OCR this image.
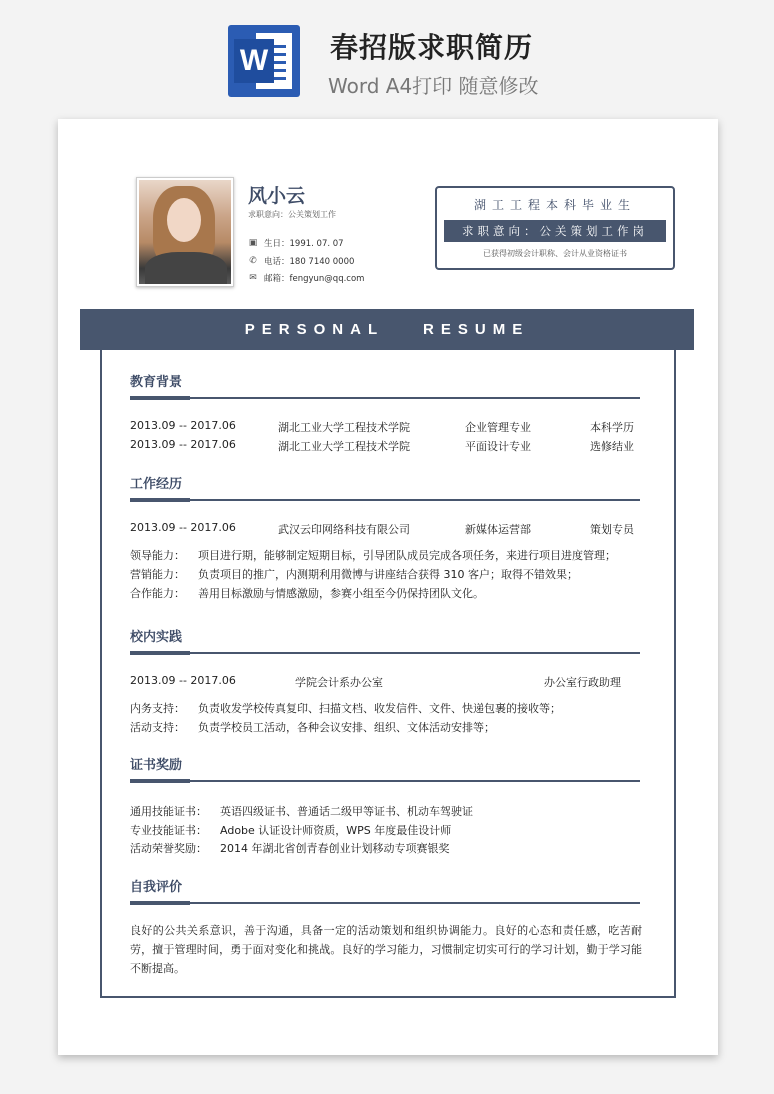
W 春招版求职简历
Word A4打印 随意修改
风小云
求职意向：公关策划工作
▣ 生日：1991. 07. 07
✆ 电话：180 7140 0000
✉ 邮箱：fengyun@qq.com
湖工工程本科毕业生
求职意向：公关策划工作岗
已获得初级会计职称、会计从业资格证书
PERSONAL RESUME
教育背景
2013.09 -- 2017.06	湖北工业大学工程技术学院	企业管理专业	本科学历
2013.09 -- 2017.06	湖北工业大学工程技术学院	平面设计专业	选修结业
工作经历
2013.09 -- 2017.06	武汉云印网络科技有限公司	新媒体运营部	策划专员
领导能力： 项目进行期，能够制定短期目标，引导团队成员完成各项任务，来进行项目进度管理；
营销能力： 负责项目的推广，内测期利用微博与讲座结合获得 310 客户；取得不错效果；
合作能力： 善用目标激励与情感激励，参赛小组至今仍保持团队文化。
校内实践
2013.09 -- 2017.06	学院会计系办公室	办公室行政助理
内务支持： 负责收发学校传真复印、扫描文档、收发信件、文件、快递包裹的接收等；
活动支持： 负责学校员工活动，各种会议安排、组织、文体活动安排等；
证书奖励
通用技能证书： 英语四级证书、普通话二级甲等证书、机动车驾驶证
专业技能证书： Adobe 认证设计师资质，WPS 年度最佳设计师
活动荣誉奖励： 2014 年湖北省创青春创业计划移动专项赛银奖
自我评价
良好的公共关系意识，善于沟通，具备一定的活动策划和组织协调能力。良好的心态和责任感，吃苦耐劳，擅于管理时间，勇于面对变化和挑战。良好的学习能力，习惯制定切实可行的学习计划，勤于学习能不断提高。
